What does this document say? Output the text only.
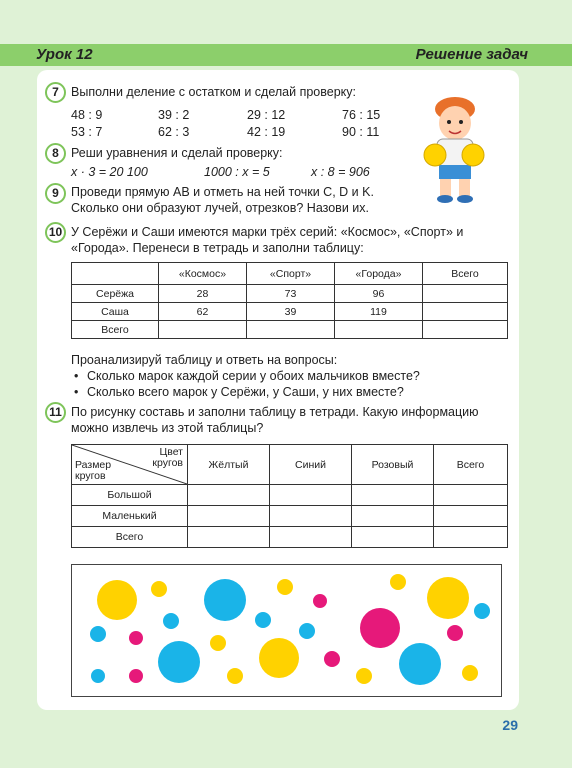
Урок 12	Решение задач
7 Выполни деление с остатком и сделай проверку:
48 : 9	39 : 2	29 : 12	76 : 15
53 : 7	62 : 3	42 : 19	90 : 11
8 Реши уравнения и сделай проверку:
x · 3 = 20 100	1000 : x = 5	x : 8 = 906
9 Проведи прямую AB и отметь на ней точки C, D и K.
Сколько они образуют лучей, отрезков? Назови их.
10 У Серёжи и Саши имеются марки трёх серий: «Космос», «Спорт» и
«Города». Перенеси в тетрадь и заполни таблицу:
	«Космос»	«Спорт»	«Города»	Всего
Серёжа	28	73	96	
Саша	62	39	119	
Всего				
Проанализируй таблицу и ответь на вопросы:
• Сколько марок каждой серии у обоих мальчиков вместе?
• Сколько всего марок у Серёжи, у Саши, у них вместе?
11 По рисунку составь и заполни таблицу в тетради. Какую информацию
можно извлечь из этой таблицы?
Цвет кругов
Размер кругов	Жёлтый	Синий	Розовый	Всего
Большой				
Маленький				
Всего				
29
